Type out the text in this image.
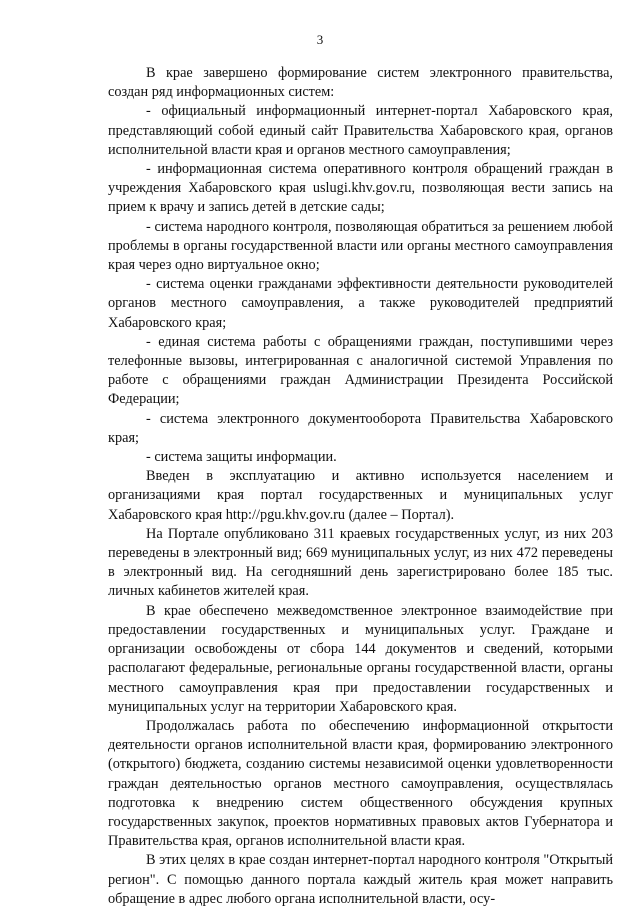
3

В крае завершено формирование систем электронного правительства, создан ряд информационных систем:

- официальный информационный интернет-портал Хабаровского края, представляющий собой единый сайт Правительства Хабаровского края, органов исполнительной власти края и органов местного самоуправления;

- информационная система оперативного контроля обращений граждан в учреждения Хабаровского края uslugi.khv.gov.ru, позволяющая вести запись на прием к врачу и запись детей в детские сады;

- система народного контроля, позволяющая обратиться за решением любой проблемы в органы государственной власти или органы местного самоуправления края через одно виртуальное окно;

- система оценки гражданами эффективности деятельности руководителей органов местного самоуправления, а также руководителей предприятий Хабаровского края;

- единая система работы с обращениями граждан, поступившими через телефонные вызовы, интегрированная с аналогичной системой Управления по работе с обращениями граждан Администрации Президента Российской Федерации;

- система электронного документооборота Правительства Хабаровского края;

- система защиты информации.

Введен в эксплуатацию и активно используется населением и организациями края портал государственных и муниципальных услуг Хабаровского края http://pgu.khv.gov.ru (далее – Портал).

На Портале опубликовано 311 краевых государственных услуг, из них 203 переведены в электронный вид; 669 муниципальных услуг, из них 472 переведены в электронный вид. На сегодняшний день зарегистрировано более 185 тыс. личных кабинетов жителей края.

В крае обеспечено межведомственное электронное взаимодействие при предоставлении государственных и муниципальных услуг. Граждане и организации освобождены от сбора 144 документов и сведений, которыми располагают федеральные, региональные органы государственной власти, органы местного самоуправления края при предоставлении государственных и муниципальных услуг на территории Хабаровского края.

Продолжалась работа по обеспечению информационной открытости деятельности органов исполнительной власти края, формированию электронного (открытого) бюджета, созданию системы независимой оценки удовлетворенности граждан деятельностью органов местного самоуправления, осуществлялась подготовка к внедрению систем общественного обсуждения крупных государственных закупок, проектов нормативных правовых актов Губернатора и Правительства края, органов исполнительной власти края.

В этих целях в крае создан интернет-портал народного контроля "Открытый регион". С помощью данного портала каждый житель края может направить обращение в адрес любого органа исполнительной власти, осу-
